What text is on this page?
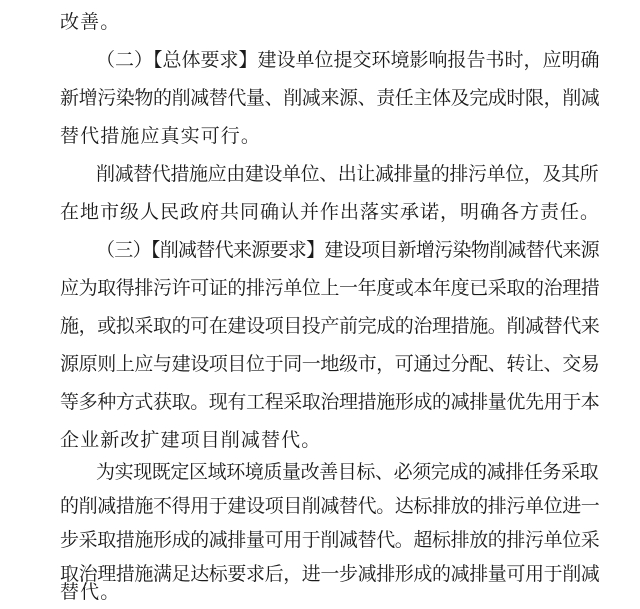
改善。
（二）【总体要求】建设单位提交环境影响报告书时，应明确
新增污染物的削减替代量、削减来源、责任主体及完成时限，削减
替代措施应真实可行。
削减替代措施应由建设单位、出让减排量的排污单位，及其所
在地市级人民政府共同确认并作出落实承诺，明确各方责任。
（三）【削减替代来源要求】建设项目新增污染物削减替代来源
应为取得排污许可证的排污单位上一年度或本年度已采取的治理措
施，或拟采取的可在建设项目投产前完成的治理措施。削减替代来
源原则上应与建设项目位于同一地级市，可通过分配、转让、交易
等多种方式获取。现有工程采取治理措施形成的减排量优先用于本
企业新改扩建项目削减替代。
为实现既定区域环境质量改善目标、必须完成的减排任务采取
的削减措施不得用于建设项目削减替代。达标排放的排污单位进一
步采取措施形成的减排量可用于削减替代。超标排放的排污单位采
取治理措施满足达标要求后，进一步减排形成的减排量可用于削减
替代。
